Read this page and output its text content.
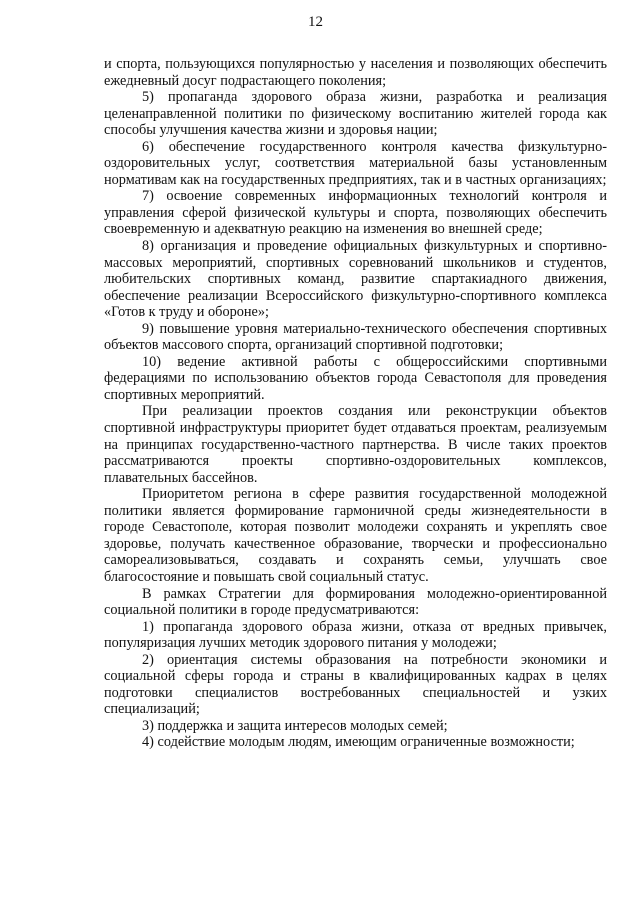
12

и спорта, пользующихся популярностью у населения и позволяющих обеспечить ежедневный досуг подрастающего поколения;

5) пропаганда здорового образа жизни, разработка и реализация целенаправленной политики по физическому воспитанию жителей города как способы улучшения качества жизни и здоровья нации;

6) обеспечение государственного контроля качества физкультурно-оздоровительных услуг, соответствия материальной базы установленным нормативам как на государственных предприятиях, так и в частных организациях;

7) освоение современных информационных технологий контроля и управления сферой физической культуры и спорта, позволяющих обеспечить своевременную и адекватную реакцию на изменения во внешней среде;

8) организация и проведение официальных физкультурных и спортивно-массовых мероприятий, спортивных соревнований школьников и студентов, любительских спортивных команд, развитие спартакиадного движения, обеспечение реализации Всероссийского физкультурно-спортивного комплекса «Готов к труду и обороне»;

9) повышение уровня материально-технического обеспечения спортивных объектов массового спорта, организаций спортивной подготовки;

10) ведение активной работы с общероссийскими спортивными федерациями по использованию объектов города Севастополя для проведения спортивных мероприятий.

При реализации проектов создания или реконструкции объектов спортивной инфраструктуры приоритет будет отдаваться проектам, реализуемым на принципах государственно-частного партнерства. В числе таких проектов рассматриваются проекты спортивно-оздоровительных комплексов, плавательных бассейнов.

Приоритетом региона в сфере развития государственной молодежной политики является формирование гармоничной среды жизнедеятельности в городе Севастополе, которая позволит молодежи сохранять и укреплять свое здоровье, получать качественное образование, творчески и профессионально самореализовываться, создавать и сохранять семьи, улучшать свое благосостояние и повышать свой социальный статус.

В рамках Стратегии для формирования молодежно-ориентированной социальной политики в городе предусматриваются:

1) пропаганда здорового образа жизни, отказа от вредных привычек, популяризация лучших методик здорового питания у молодежи;

2) ориентация системы образования на потребности экономики и социальной сферы города и страны в квалифицированных кадрах в целях подготовки специалистов востребованных специальностей и узких специализаций;

3) поддержка и защита интересов молодых семей;

4) содействие молодым людям, имеющим ограниченные возможности;
